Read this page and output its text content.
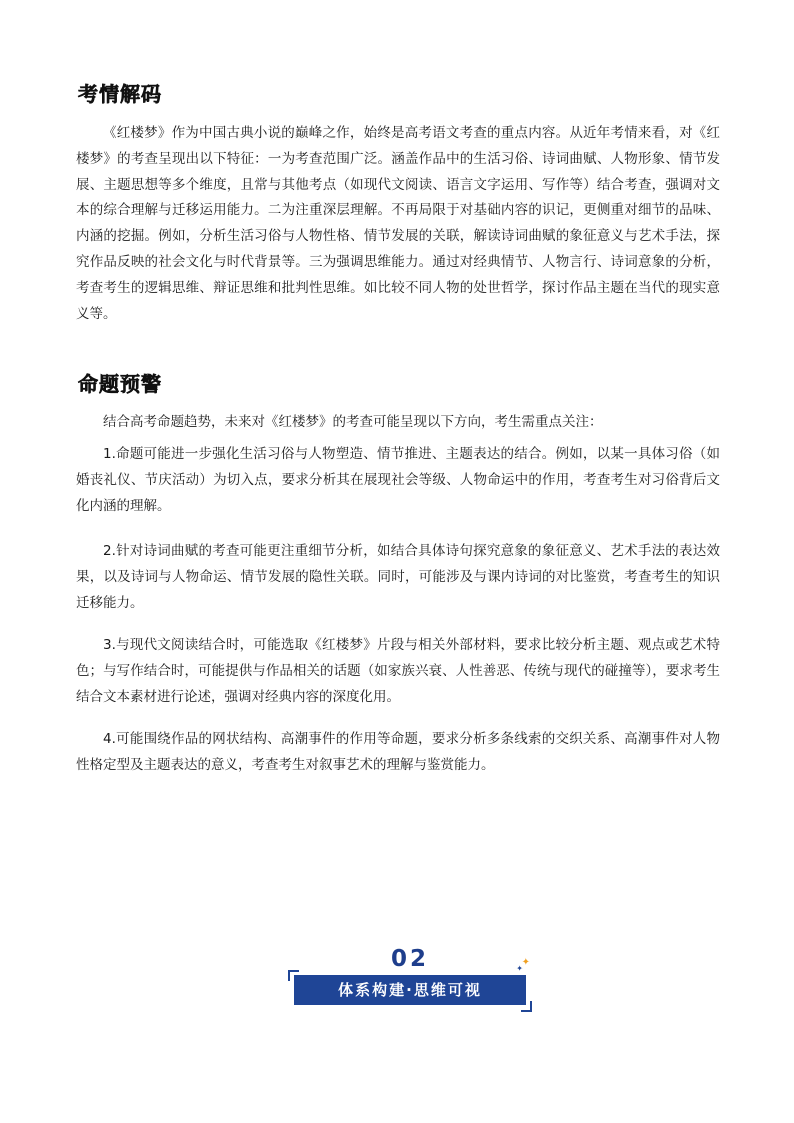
考情解码

《红楼梦》作为中国古典小说的巅峰之作，始终是高考语文考查的重点内容。从近年考情来看，对《红楼梦》的考查呈现出以下特征：一为考查范围广泛。涵盖作品中的生活习俗、诗词曲赋、人物形象、情节发展、主题思想等多个维度，且常与其他考点（如现代文阅读、语言文字运用、写作等）结合考查，强调对文本的综合理解与迁移运用能力。二为注重深层理解。不再局限于对基础内容的识记，更侧重对细节的品味、内涵的挖掘。例如，分析生活习俗与人物性格、情节发展的关联，解读诗词曲赋的象征意义与艺术手法，探究作品反映的社会文化与时代背景等。三为强调思维能力。通过对经典情节、人物言行、诗词意象的分析，考查考生的逻辑思维、辩证思维和批判性思维。如比较不同人物的处世哲学，探讨作品主题在当代的现实意义等。

命题预警

结合高考命题趋势，未来对《红楼梦》的考查可能呈现以下方向，考生需重点关注：

1.命题可能进一步强化生活习俗与人物塑造、情节推进、主题表达的结合。例如，以某一具体习俗（如婚丧礼仪、节庆活动）为切入点，要求分析其在展现社会等级、人物命运中的作用，考查考生对习俗背后文化内涵的理解。

2.针对诗词曲赋的考查可能更注重细节分析，如结合具体诗句探究意象的象征意义、艺术手法的表达效果，以及诗词与人物命运、情节发展的隐性关联。同时，可能涉及与课内诗词的对比鉴赏，考查考生的知识迁移能力。

3.与现代文阅读结合时，可能选取《红楼梦》片段与相关外部材料，要求比较分析主题、观点或艺术特色；与写作结合时，可能提供与作品相关的话题（如家族兴衰、人性善恶、传统与现代的碰撞等），要求考生结合文本素材进行论述，强调对经典内容的深度化用。

4.可能围绕作品的网状结构、高潮事件的作用等命题，要求分析多条线索的交织关系、高潮事件对人物性格定型及主题表达的意义，考查考生对叙事艺术的理解与鉴赏能力。

02	✦
✦
体系构建·思维可视
